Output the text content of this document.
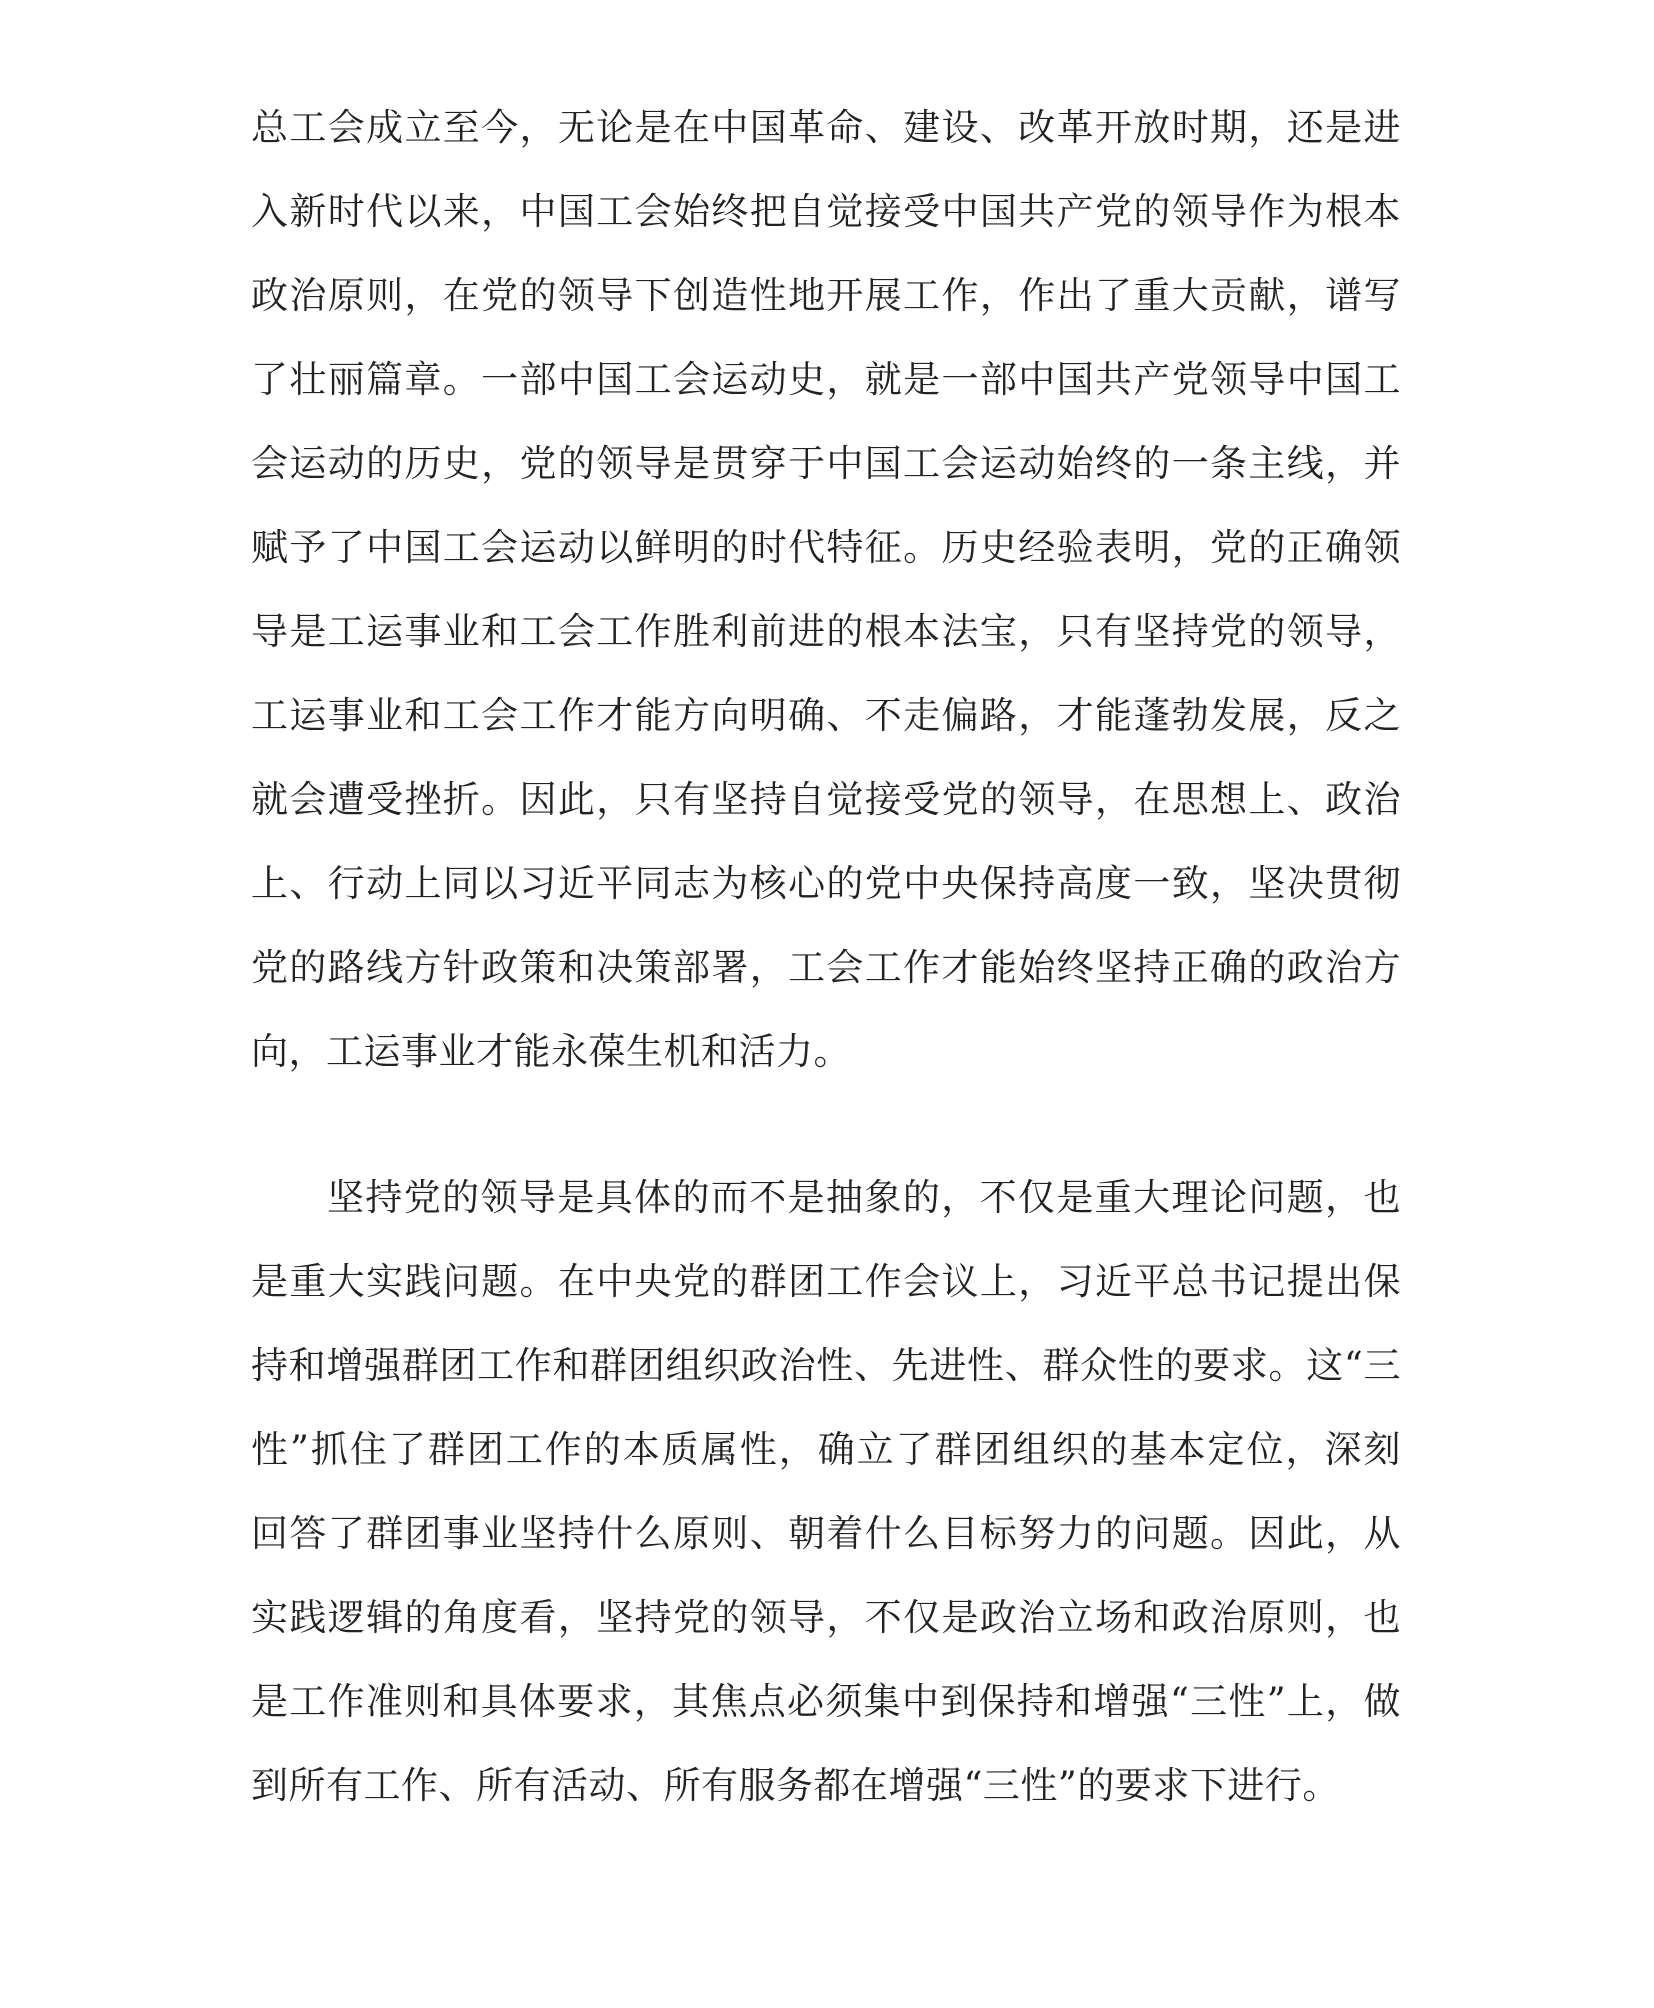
总工会成立至今，无论是在中国革命、建设、改革开放时期，还是进
入新时代以来，中国工会始终把自觉接受中国共产党的领导作为根本
政治原则，在党的领导下创造性地开展工作，作出了重大贡献，谱写
了壮丽篇章。一部中国工会运动史，就是一部中国共产党领导中国工
会运动的历史，党的领导是贯穿于中国工会运动始终的一条主线，并
赋予了中国工会运动以鲜明的时代特征。历史经验表明，党的正确领
导是工运事业和工会工作胜利前进的根本法宝，只有坚持党的领导，
工运事业和工会工作才能方向明确、不走偏路，才能蓬勃发展，反之
就会遭受挫折。因此，只有坚持自觉接受党的领导，在思想上、政治
上、行动上同以习近平同志为核心的党中央保持高度一致，坚决贯彻
党的路线方针政策和决策部署，工会工作才能始终坚持正确的政治方
向，工运事业才能永葆生机和活力。
坚持党的领导是具体的而不是抽象的，不仅是重大理论问题，也
是重大实践问题。在中央党的群团工作会议上，习近平总书记提出保
持和增强群团工作和群团组织政治性、先进性、群众性的要求。这“三
性”抓住了群团工作的本质属性，确立了群团组织的基本定位，深刻
回答了群团事业坚持什么原则、朝着什么目标努力的问题。因此，从
实践逻辑的角度看，坚持党的领导，不仅是政治立场和政治原则，也
是工作准则和具体要求，其焦点必须集中到保持和增强“三性”上，做
到所有工作、所有活动、所有服务都在增强“三性”的要求下进行。
